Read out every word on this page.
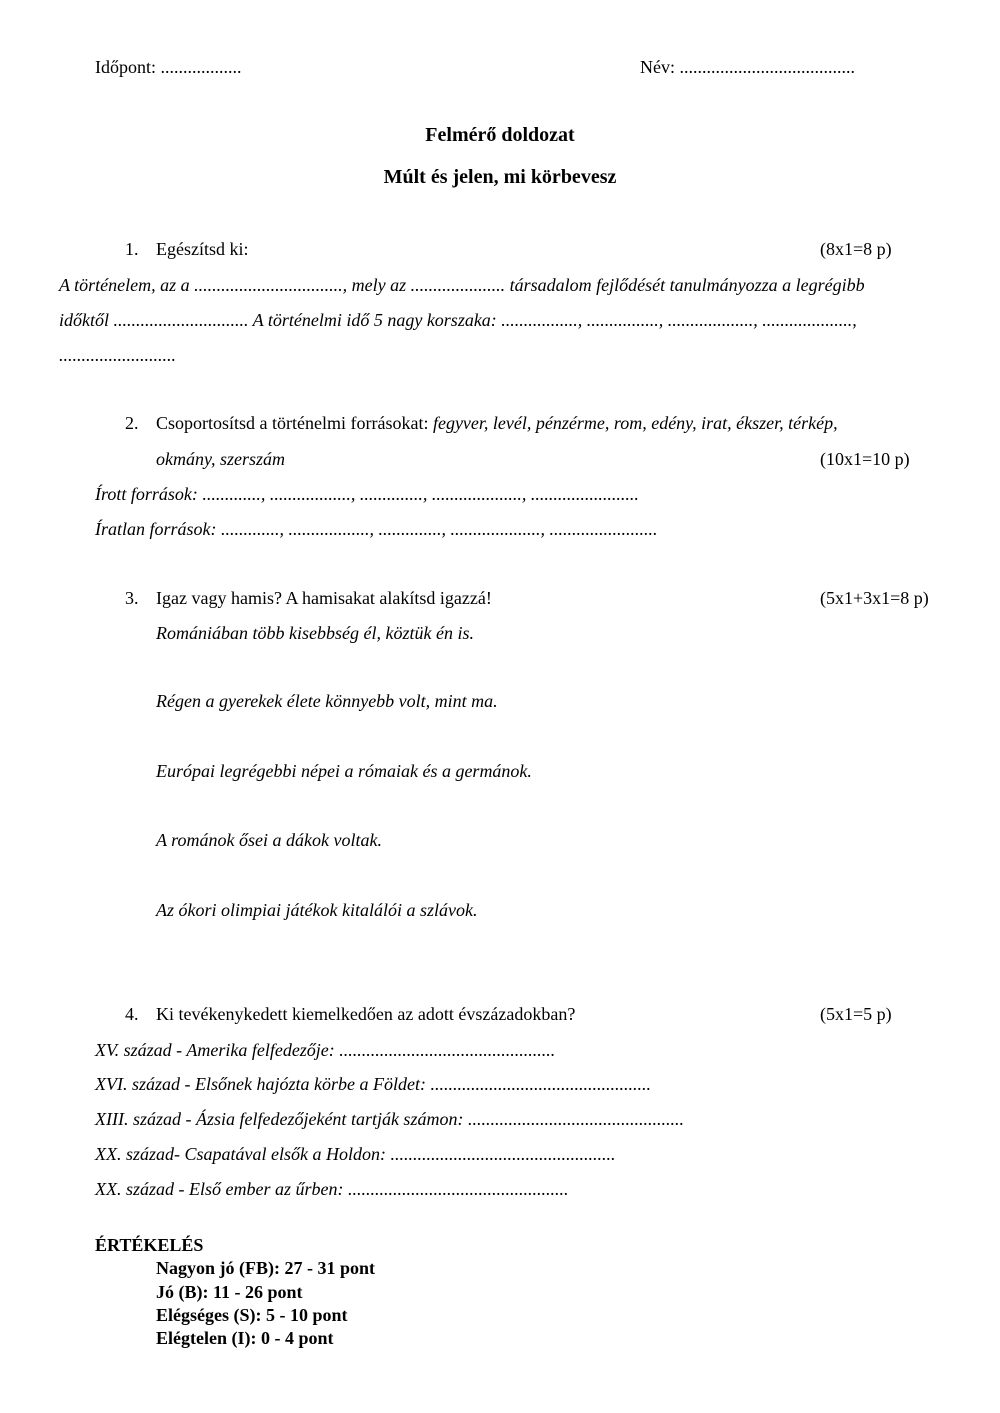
Időpont: ..................	Név: .......................................
Felmérő doldozat
Múlt és jelen, mi körbevesz
1. Egészítsd ki:	(8x1=8 p)
A történelem, az a ................................., mely az ..................... társadalom fejlődését tanulmányozza a legrégibb
időktől .............................. A történelmi idő 5 nagy korszaka: ................., ................, ..................., ....................,
..........................
2. Csoportosítsd a történelmi forrásokat: fegyver, levél, pénzérme, rom, edény, irat, ékszer, térkép,
okmány, szerszám	(10x1=10 p)
Írott források: ............., .................., .............., ...................., ........................
Íratlan források: ............., .................., .............., ...................., ........................
3. Igaz vagy hamis? A hamisakat alakítsd igazzá!	(5x1+3x1=8 p)
Romániában több kisebbség él, köztük én is.
Régen a gyerekek élete könnyebb volt, mint ma.
Európai legrégebbi népei a rómaiak és a germánok.
A románok ősei a dákok voltak.
Az ókori olimpiai játékok kitalálói a szlávok.
4. Ki tevékenykedett kiemelkedően az adott évszázadokban?	(5x1=5 p)
XV. század - Amerika felfedezője: ................................................
XVI. század - Elsőnek hajózta körbe a Földet: .................................................
XIII. század - Ázsia felfedezőjeként tartják számon: ................................................
XX. század- Csapatával elsők a Holdon: ..................................................
XX. század - Első ember az űrben: .................................................
ÉRTÉKELÉS
Nagyon jó (FB): 27 - 31 pont
Jó (B): 11 - 26 pont
Elégséges (S): 5 - 10 pont
Elégtelen (I): 0 - 4 pont
